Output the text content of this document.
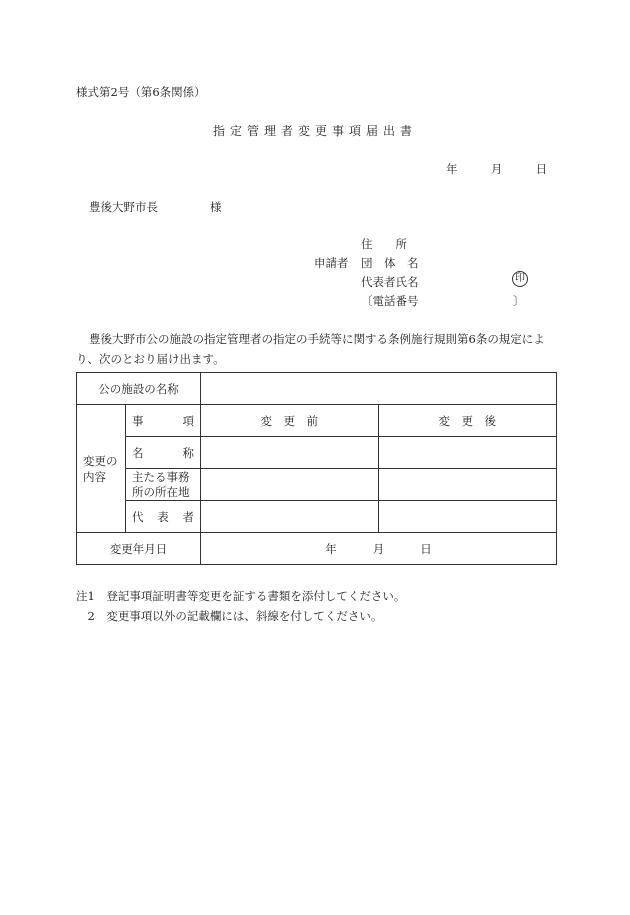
様式第2号（第6条関係）
指定管理者変更事項届出書
年	月	日
豊後大野市長	様
申請者
住　　所
団　体　名
代表者氏名	印
〔電話番号	〕
豊後大野市公の施設の指定管理者の指定の手続等に関する条例施行規則第6条の規定により、次のとおり届け出ます。
公の施設の名称			
変更の内容	事　　項	変　更　前	変　更　後
	名　　称		
	主たる事務所の所在地		
	代　表　者		
変更年月日		年 月 日	
注1　登記事項証明書等変更を証する書類を添付してください。
　2　変更事項以外の記載欄には、斜線を付してください。
